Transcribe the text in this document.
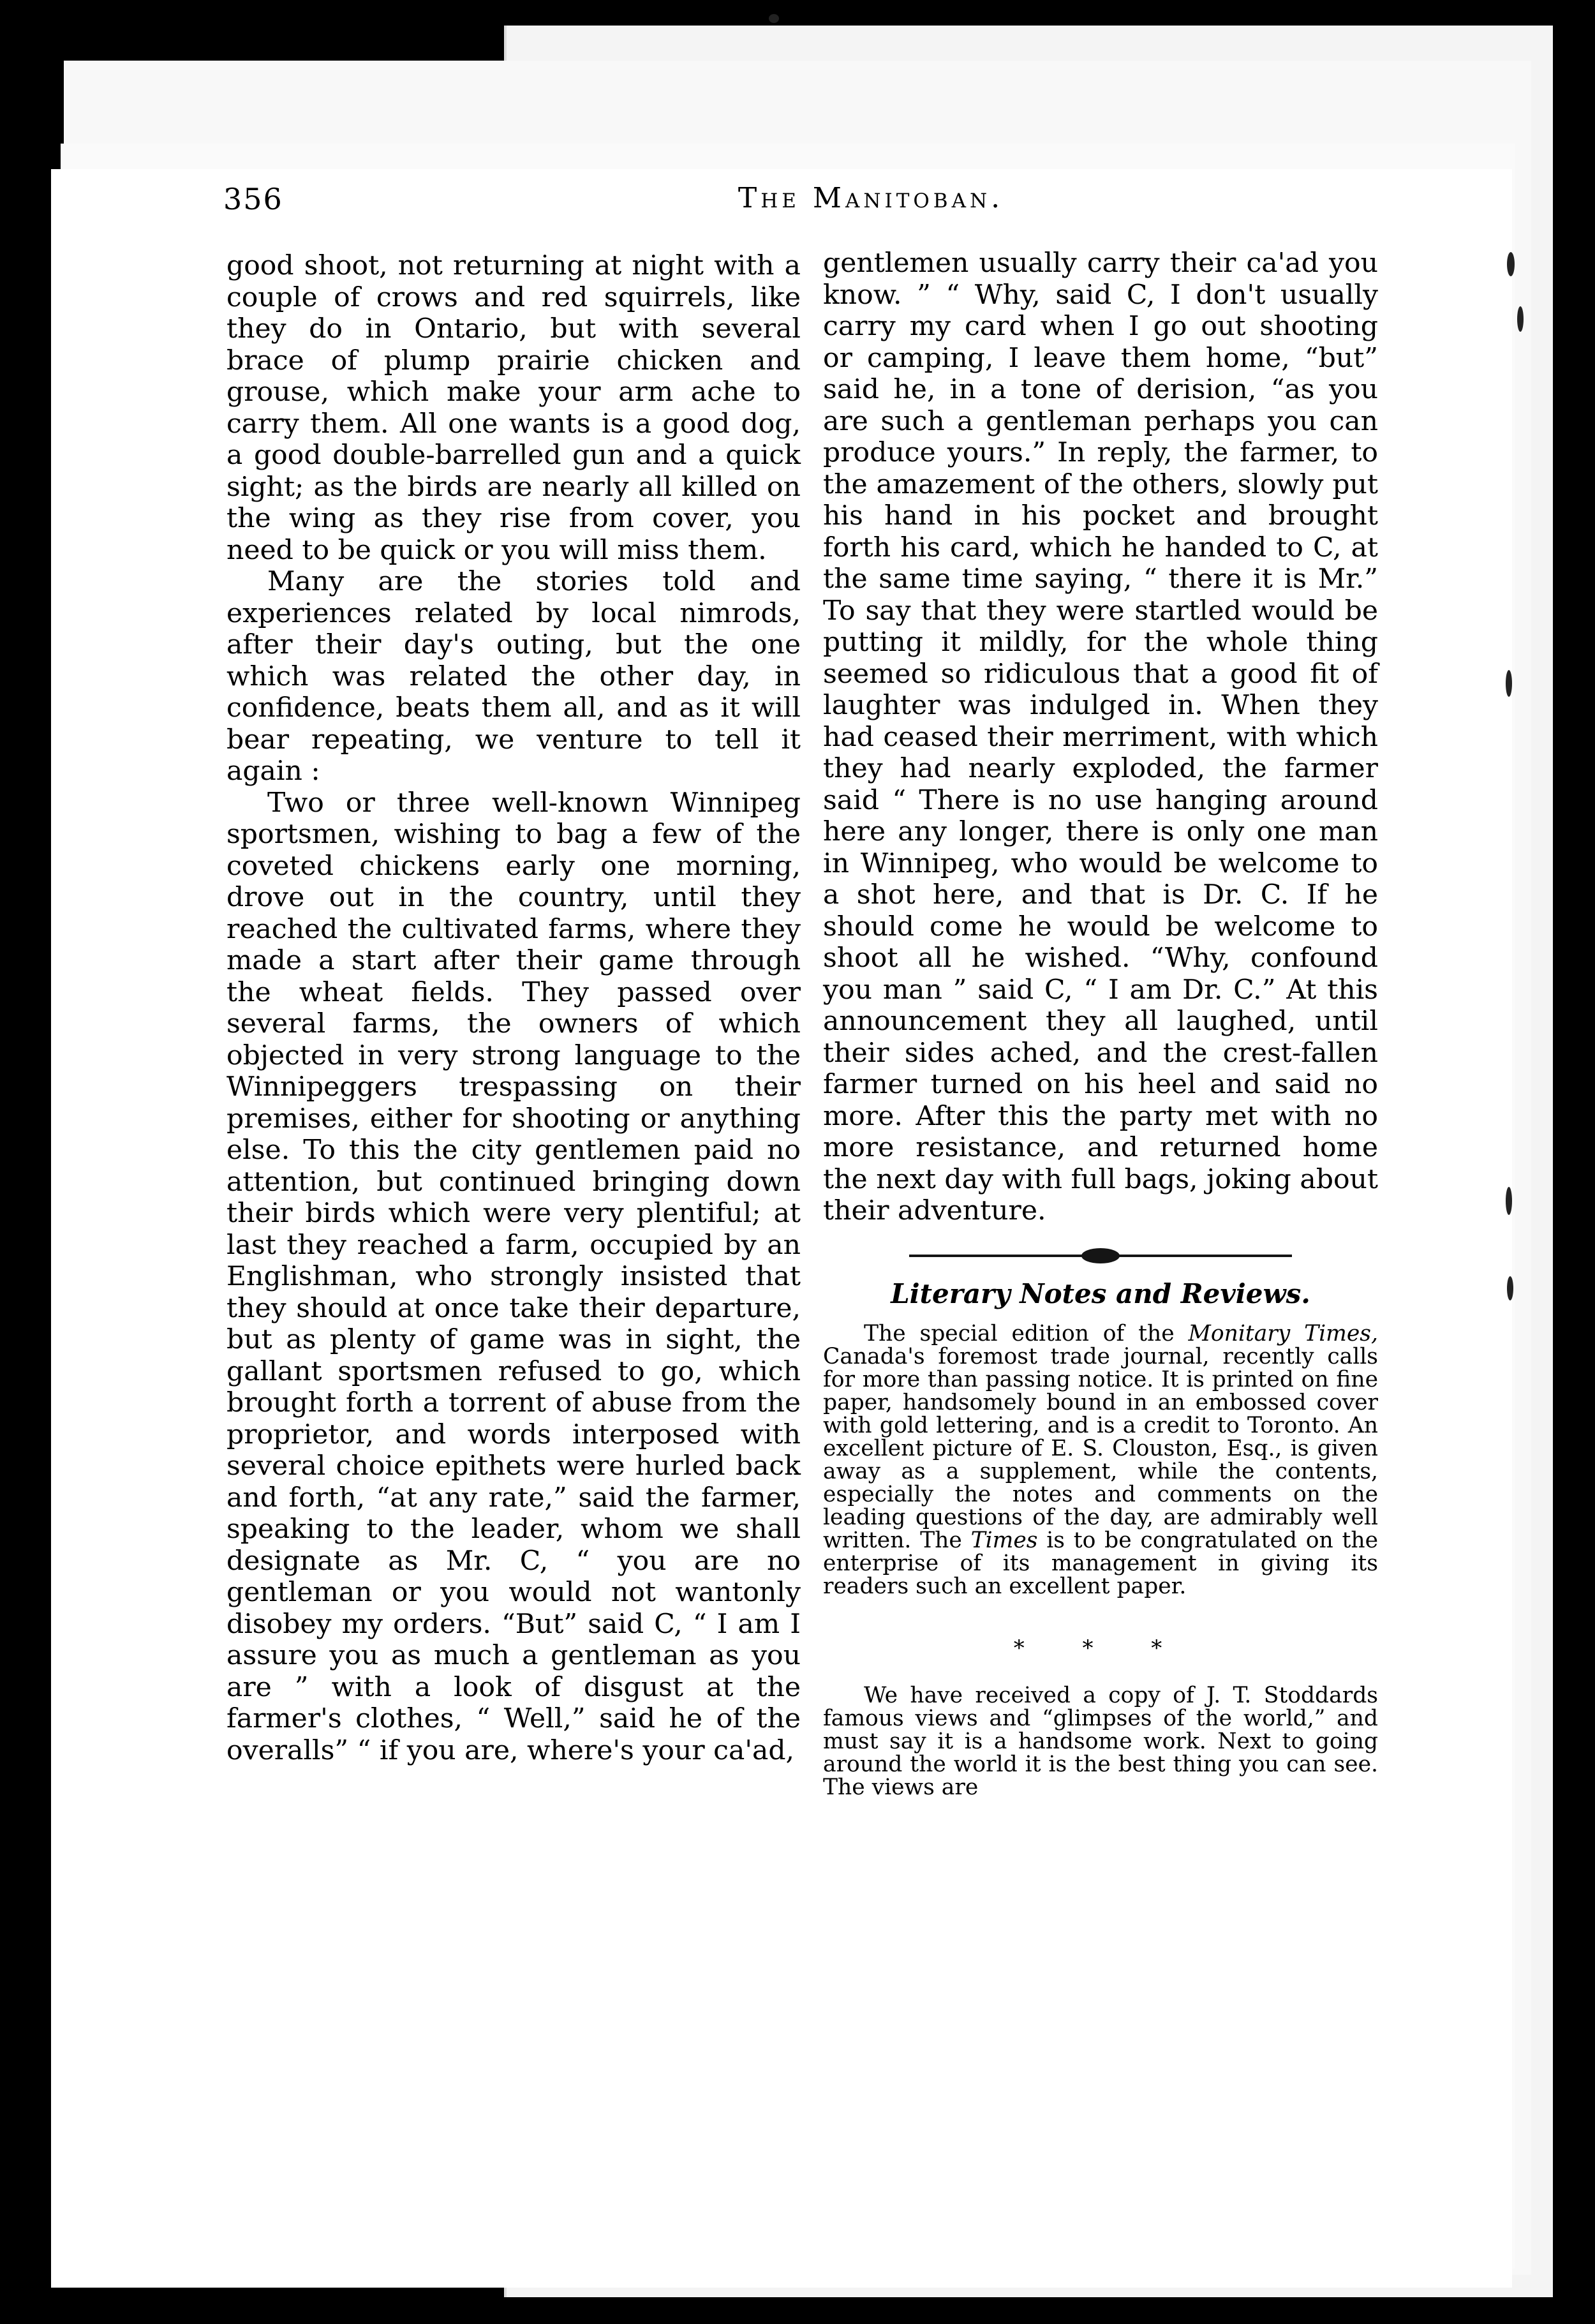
356	The Manitoban.

good shoot, not returning at night with a couple of crows and red squirrels, like they do in Ontario, but with several brace of plump prairie chicken and grouse, which make your arm ache to carry them. All one wants is a good dog, a good double-barrelled gun and a quick sight; as the birds are nearly all killed on the wing as they rise from cover, you need to be quick or you will miss them.

Many are the stories told and experiences related by local nimrods, after their day's outing, but the one which was related the other day, in confidence, beats them all, and as it will bear repeating, we venture to tell it again :

Two or three well-known Winnipeg sportsmen, wishing to bag a few of the coveted chickens early one morning, drove out in the country, until they reached the cultivated farms, where they made a start after their game through the wheat fields. They passed over several farms, the owners of which objected in very strong language to the Winnipeggers trespassing on their premises, either for shooting or anything else. To this the city gentlemen paid no attention, but continued bringing down their birds which were very plentiful; at last they reached a farm, occupied by an Englishman, who strongly insisted that they should at once take their departure, but as plenty of game was in sight, the gallant sportsmen refused to go, which brought forth a torrent of abuse from the proprietor, and words interposed with several choice epithets were hurled back and forth, “at any rate,” said the farmer, speaking to the leader, whom we shall designate as Mr. C, “ you are no gentleman or you would not wantonly disobey my orders. “But” said C, “ I am I assure you as much a gentleman as you are ” with a look of disgust at the farmer's clothes, “ Well,” said he of the overalls” “ if you are, where's your ca'ad,

gentlemen usually carry their ca'ad you know. ” “ Why, said C, I don't usually carry my card when I go out shooting or camping, I leave them home, “but” said he, in a tone of derision, “as you are such a gentleman perhaps you can produce yours.” In reply, the farmer, to the amazement of the others, slowly put his hand in his pocket and brought forth his card, which he handed to C, at the same time saying, “ there it is Mr.” To say that they were startled would be putting it mildly, for the whole thing seemed so ridiculous that a good fit of laughter was indulged in. When they had ceased their merriment, with which they had nearly exploded, the farmer said “ There is no use hanging around here any longer, there is only one man in Winnipeg, who would be welcome to a shot here, and that is Dr. C. If he should come he would be welcome to shoot all he wished. “Why, confound you man ” said C, “ I am Dr. C.” At this announcement they all laughed, until their sides ached, and the crest-fallen farmer turned on his heel and said no more. After this the party met with no more resistance, and returned home the next day with full bags, joking about their adventure.

Literary Notes and Reviews.

The special edition of the Monitary Times, Canada's foremost trade journal, recently calls for more than passing notice. It is printed on fine paper, handsomely bound in an embossed cover with gold lettering, and is a credit to Toronto. An excellent picture of E. S. Clouston, Esq., is given away as a supplement, while the contents, especially the notes and comments on the leading questions of the day, are admirably well written. The Times is to be congratulated on the enterprise of its management in giving its readers such an excellent paper.

* * *

We have received a copy of J. T. Stoddards famous views and “glimpses of the world,” and must say it is a handsome work. Next to going around the world it is the best thing you can see. The views are
